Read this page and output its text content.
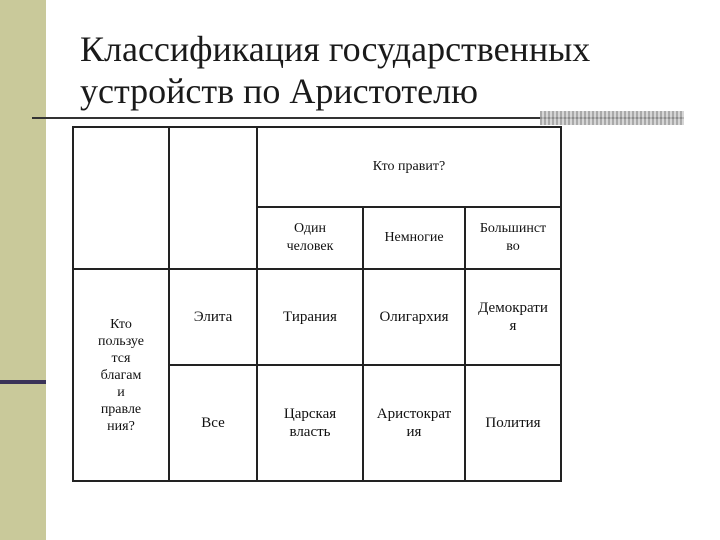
Классификация государственных
устройств по Аристотелю
Кто правит?
Один
человек
Немногие
Большинст
во
Кто
пользуе
тся
благам
и
правле
ния?
Элита	Тирания	Олигархия
Демократи
я
Все
Царская
власть
Аристократ
ия
Полития
